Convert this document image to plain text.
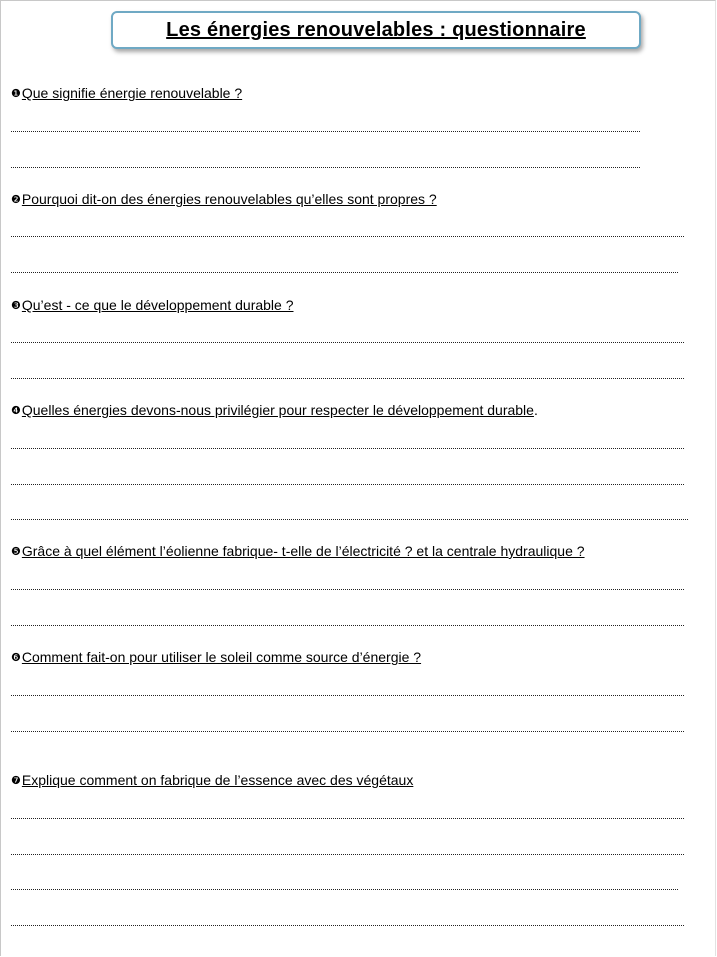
Les énergies renouvelables : questionnaire
❶Que signifie énergie renouvelable ?
❷Pourquoi dit-on des énergies renouvelables qu’elles sont propres ?
❸Qu’est - ce que le développement durable ?
❹Quelles énergies devons-nous privilégier pour respecter le développement durable.
❺Grâce à quel élément l’éolienne fabrique- t-elle de l’électricité ? et la centrale hydraulique ?
❻Comment fait-on pour utiliser le soleil comme source d’énergie ?
❼Explique comment on fabrique de l’essence avec des végétaux
